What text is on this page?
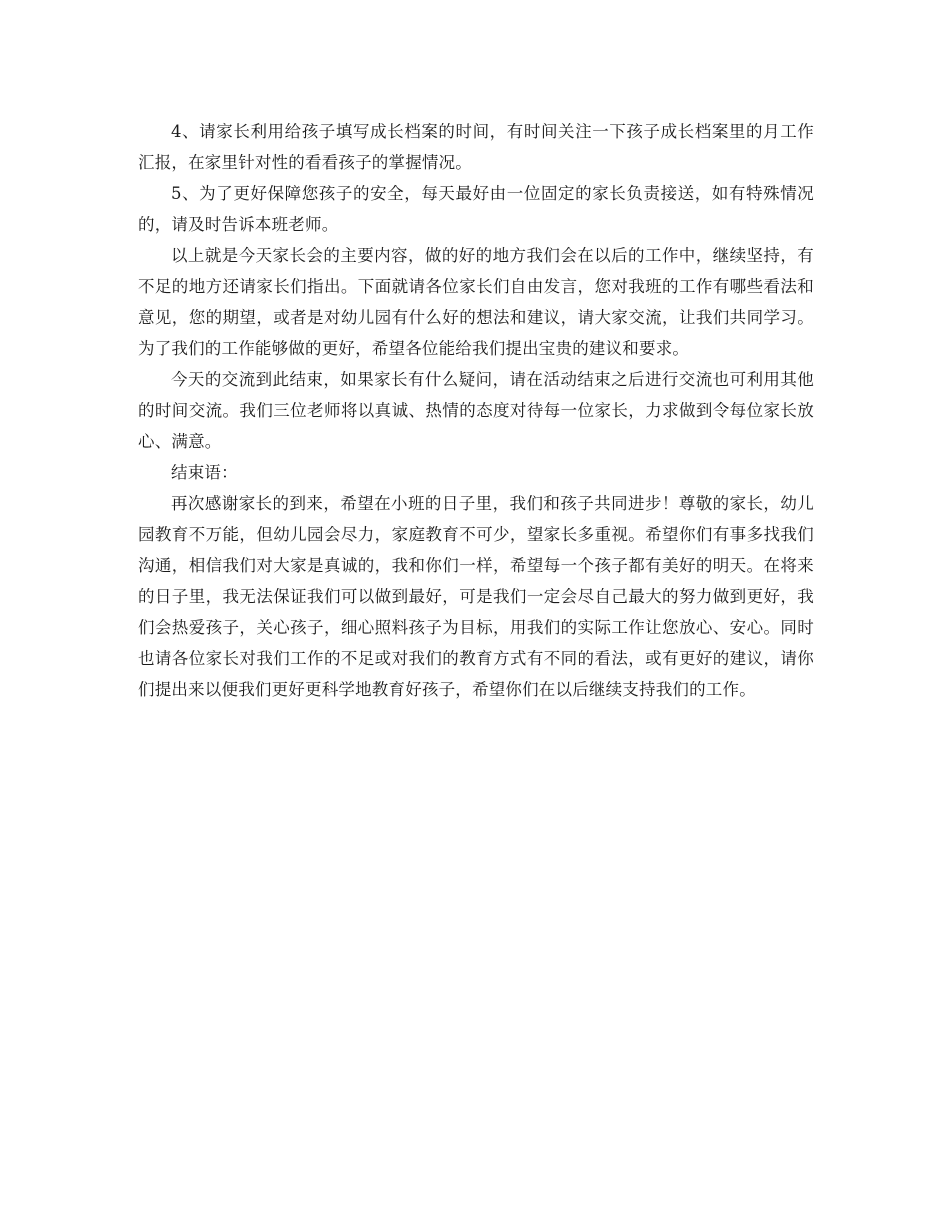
4、请家长利用给孩子填写成长档案的时间，有时间关注一下孩子成长档案里的月工作汇报，在家里针对性的看看孩子的掌握情况。

5、为了更好保障您孩子的安全，每天最好由一位固定的家长负责接送，如有特殊情况的，请及时告诉本班老师。

以上就是今天家长会的主要内容，做的好的地方我们会在以后的工作中，继续坚持，有不足的地方还请家长们指出。下面就请各位家长们自由发言，您对我班的工作有哪些看法和意见，您的期望，或者是对幼儿园有什么好的想法和建议，请大家交流，让我们共同学习。 为了我们的工作能够做的更好，希望各位能给我们提出宝贵的建议和要求。

今天的交流到此结束，如果家长有什么疑问，请在活动结束之后进行交流也可利用其他的时间交流。我们三位老师将以真诚、热情的态度对待每一位家长，力求做到令每位家长放心、满意。

结束语：

再次感谢家长的到来，希望在小班的日子里，我们和孩子共同进步！尊敬的家长，幼儿园教育不万能，但幼儿园会尽力，家庭教育不可少，望家长多重视。希望你们有事多找我们沟通，相信我们对大家是真诚的，我和你们一样，希望每一个孩子都有美好的明天。在将来的日子里，我无法保证我们可以做到最好，可是我们一定会尽自己最大的努力做到更好，我们会热爱孩子，关心孩子，细心照料孩子为目标，用我们的实际工作让您放心、安心。同时也请各位家长对我们工作的不足或对我们的教育方式有不同的看法，或有更好的建议，请你们提出来以便我们更好更科学地教育好孩子，希望你们在以后继续支持我们的工作。
